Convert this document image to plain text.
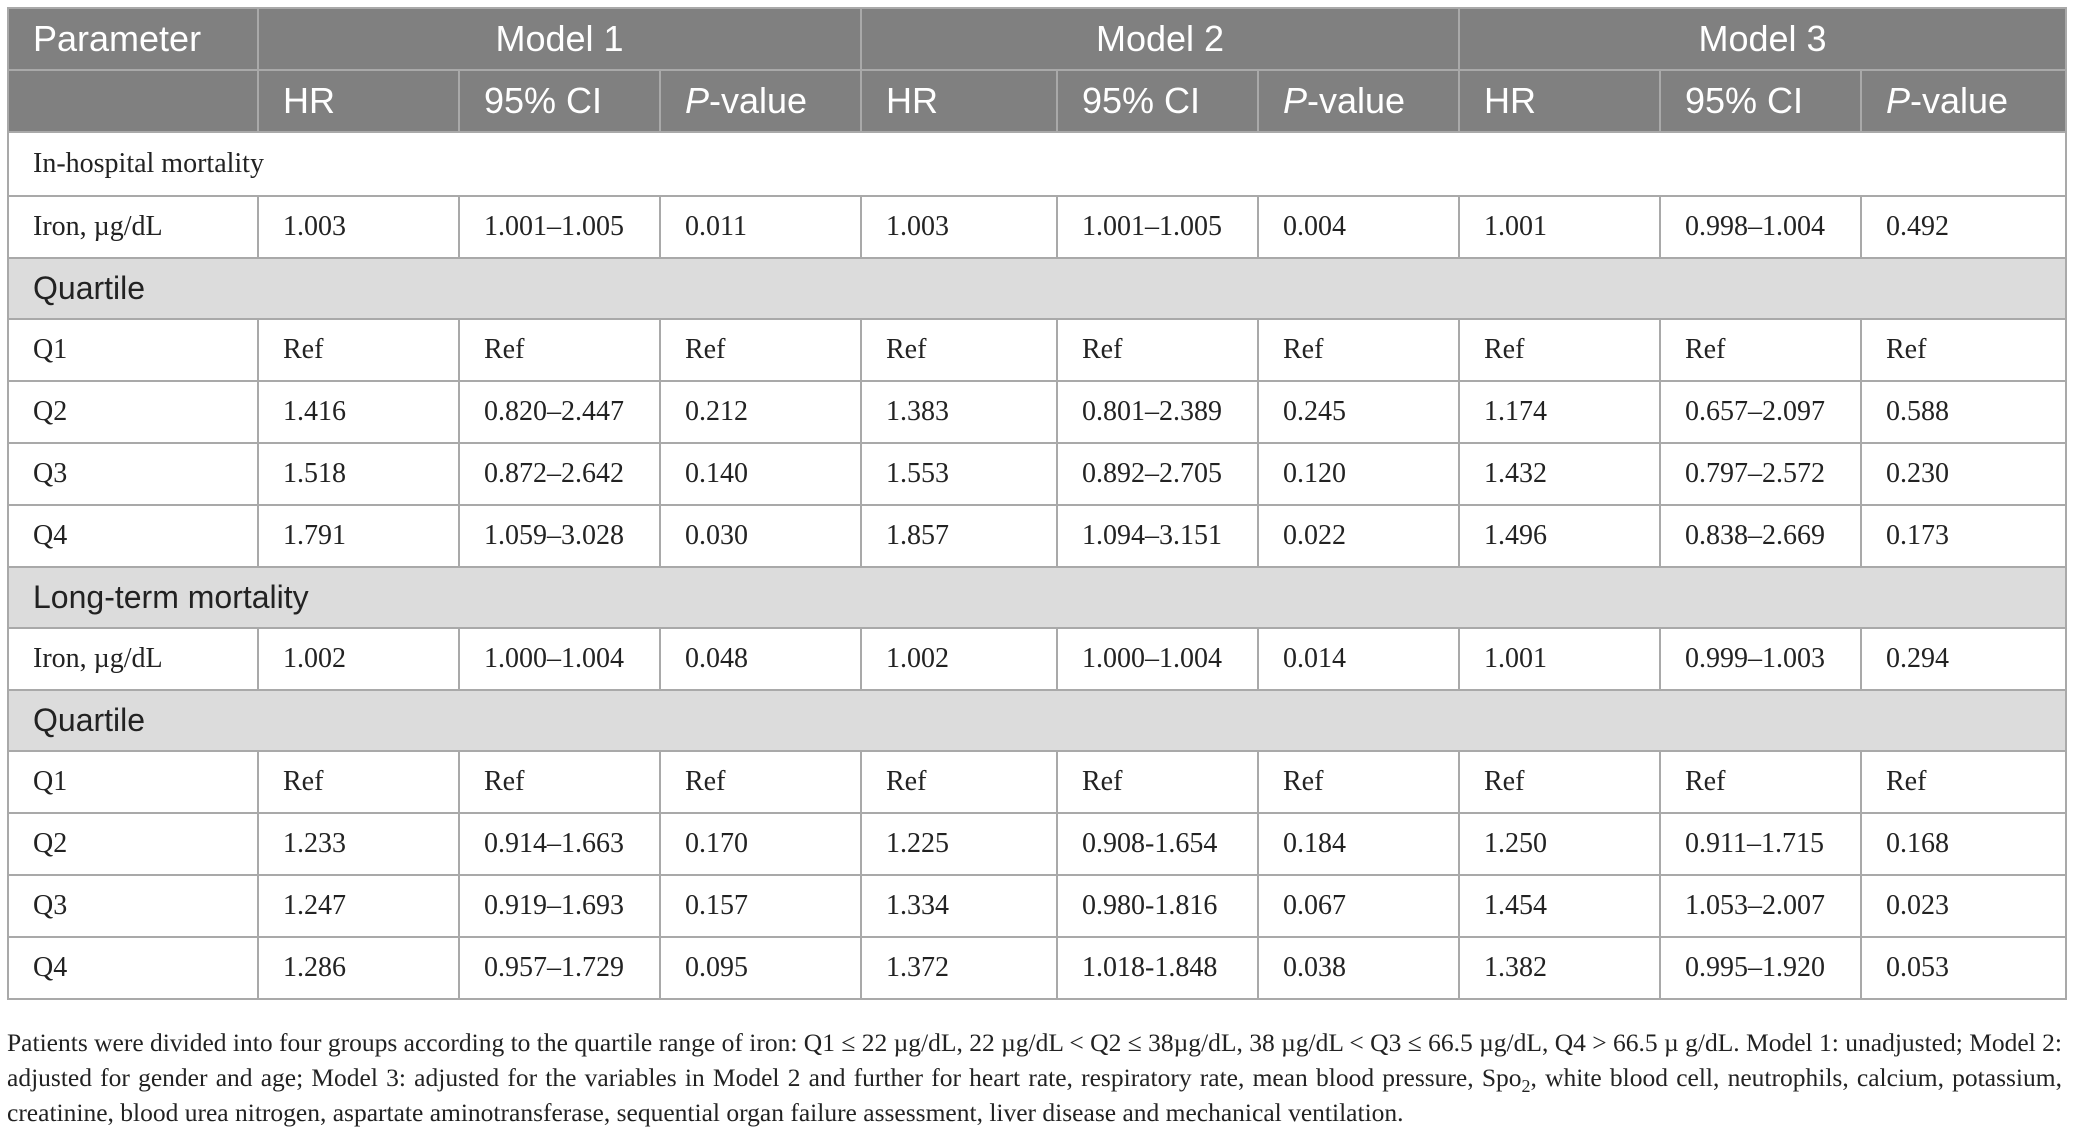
Parameter	Model 1			Model 2			Model 3		
	HR	95% CI	P-value	HR	95% CI	P-value	HR	95% CI	P-value
In-hospital mortality									
Iron, µg/dL	1.003	1.001–1.005	0.011	1.003	1.001–1.005	0.004	1.001	0.998–1.004	0.492
Quartile									
Q1	Ref	Ref	Ref	Ref	Ref	Ref	Ref	Ref	Ref
Q2	1.416	0.820–2.447	0.212	1.383	0.801–2.389	0.245	1.174	0.657–2.097	0.588
Q3	1.518	0.872–2.642	0.140	1.553	0.892–2.705	0.120	1.432	0.797–2.572	0.230
Q4	1.791	1.059–3.028	0.030	1.857	1.094–3.151	0.022	1.496	0.838–2.669	0.173
Long-term mortality									
Iron, µg/dL	1.002	1.000–1.004	0.048	1.002	1.000–1.004	0.014	1.001	0.999–1.003	0.294
Quartile									
Q1	Ref	Ref	Ref	Ref	Ref	Ref	Ref	Ref	Ref
Q2	1.233	0.914–1.663	0.170	1.225	0.908-1.654	0.184	1.250	0.911–1.715	0.168
Q3	1.247	0.919–1.693	0.157	1.334	0.980-1.816	0.067	1.454	1.053–2.007	0.023
Q4	1.286	0.957–1.729	0.095	1.372	1.018-1.848	0.038	1.382	0.995–1.920	0.053

Patients were divided into four groups according to the quartile range of iron: Q1 ≤ 22 µg/dL, 22 µg/dL < Q2 ≤ 38µg/dL, 38 µg/dL < Q3 ≤ 66.5 µg/dL, Q4 > 66.5 µ g/dL. Model 1: unadjusted; Model 2: adjusted for gender and age; Model 3: adjusted for the variables in Model 2 and further for heart rate, respiratory rate, mean blood pressure, Spo$_2$, white blood cell, neutrophils, calcium, potassium, creatinine, blood urea nitrogen, aspartate aminotransferase, sequential organ failure assessment, liver disease and mechanical ventilation.
